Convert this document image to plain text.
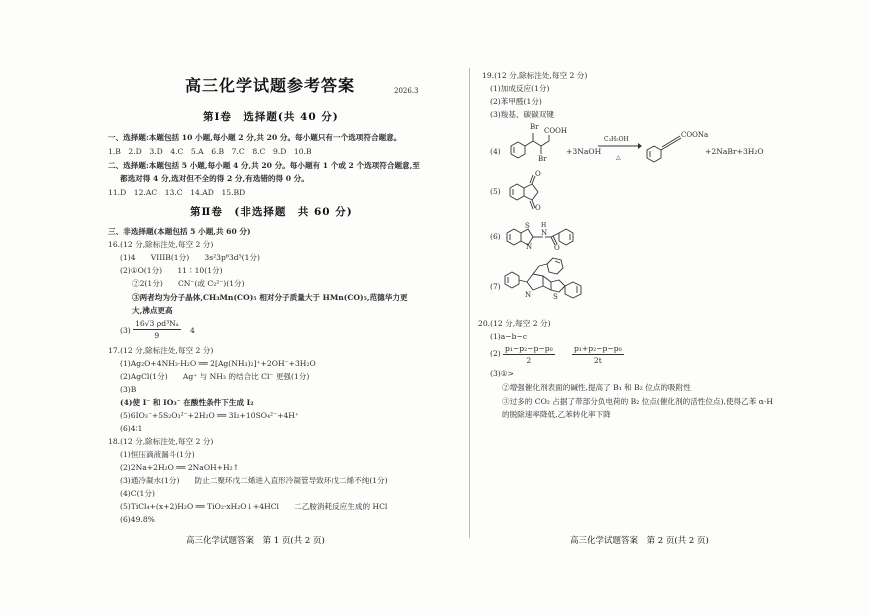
高三化学试题参考答案	2026.3
第Ⅰ卷　选择题(共 40 分)
一、选择题:本题包括 10 小题,每小题 2 分,共 20 分。每小题只有一个选项符合题意。
1.B　2.D　3.D　4.C　5.A　6.B　7.C　8.C　9.D　10.B
二、选择题:本题包括 5 小题,每小题 4 分,共 20 分。每小题有 1 个或 2 个选项符合题意,至
都选对得 4 分,选对但不全的得 2 分,有选错的得 0 分。
11.D　12.AC　13.C　14.AD　15.BD
第Ⅱ卷　(非选择题　共 60 分)
三、非选择题(本题包括 5 小题,共 60 分)
16.(12 分,除标注处,每空 2 分)
(1)4　　VIIIB(1分)　　3s²3p⁶3d⁵(1分)
(2)①O(1分)　　11∶10(1分)
②2(1分)　　CN⁻(或 C₂²⁻)(1分)
③两者均为分子晶体,CH₃Mn(CO)₅ 相对分子质量大于 HMn(CO)₅,范德华力更
大,沸点更高
$(3) \frac{\text{16√3 ρd³Nₐ}}{9} 4$
17.(12 分,除标注处,每空 2 分)
(1)Ag₂O+4NH₃·H₂O ══ 2[Ag(NH₃)₂]⁺+2OH⁻+3H₂O
(2)AgCl(1分)　　Ag⁺ 与 NH₃ 的结合比 Cl⁻ 更强(1分)
(3)B
(4)使 I⁻ 和 IO₃⁻ 在酸性条件下生成 I₂
(5)6IO₃⁻+5S₂O₃²⁻+2H₂O ══ 3I₂+10SO₄²⁻+4H⁺
(6)4∶1
18.(12 分,除标注处,每空 2 分)
(1)恒压滴液漏斗(1分)
(2)2Na+2H₂O ══ 2NaOH+H₂↑
(3)通冷凝水(1分)　　防止二聚环戊二烯进入直形冷凝管导致环戊二烯不纯(1分)
(4)C(1分)
(5)TiCl₄+(x+2)H₂O ══ TiO₂·xH₂O↓+4HCl　　二乙胺消耗反应生成的 HCl
(6)49.8%
高三化学试题答案　第 1 页(共 2 页)
19.(12 分,除标注处,每空 2 分)
(1)加成反应(1分)
(2)苯甲醛(1分)
(3)羧基、碳碳双键
(4)
Br
Br
COOH
+3NaOH
C₂H₅OH
△
COONa
+2NaBr+3H₂O
(5)
O
O
(6)
S
N
N
H
O
(7)
N	S
20.(12 分,每空 2 分)
(1)a−b−c
$(2) \frac{\text{p₁−p₂−p−p₀}}{2} \frac{\text{p₁+p₂−p−p₀}}{2t}$
(3)①>
②增强催化剂表面的碱性,提高了 B₁ 和 B₂ 位点的吸附性
③过多的 CO₂ 占据了带部分负电荷的 B₂ 位点(催化剂的活性位点),使得乙苯 α-H
的脱除速率降低,乙苯转化率下降
高三化学试题答案　第 2 页(共 2 页)
